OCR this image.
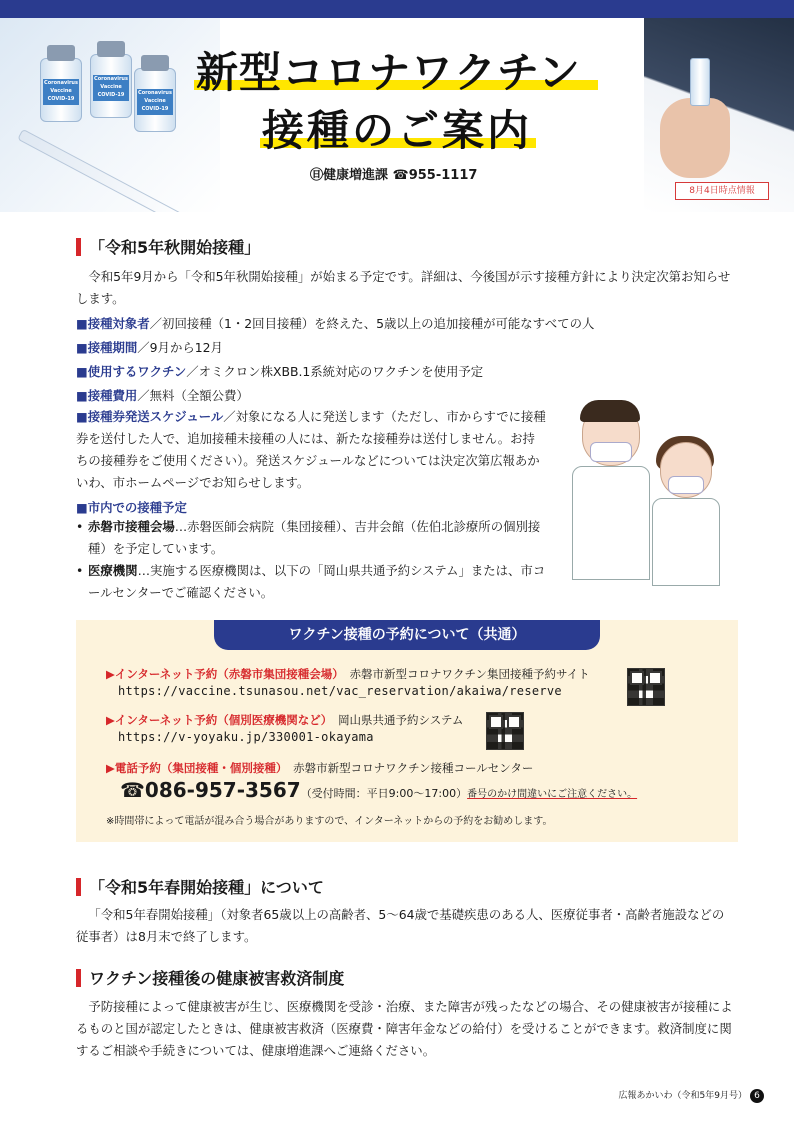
Coronavirus Vaccine COVID-19
Coronavirus Vaccine COVID-19	Coronavirus Vaccine COVID-19
新型コロナワクチン
接種のご案内
㊐健康増進課 ☎955-1117
8月4日時点情報
「令和5年秋開始接種」
令和5年9月から「令和5年秋開始接種」が始まる予定です。詳細は、今後国が示す接種方針により決定次第お知らせします。
■接種対象者／初回接種（1・2回目接種）を終えた、5歳以上の追加接種が可能なすべての人
■接種期間／9月から12月
■使用するワクチン／オミクロン株XBB.1系統対応のワクチンを使用予定
■接種費用／無料（全額公費）
■接種券発送スケジュール／対象になる人に発送します（ただし、市からすでに接種券を送付した人で、追加接種未接種の人には、新たな接種券は送付しません。お持ちの接種券をご使用ください）。発送スケジュールなどについては決定次第広報あかいわ、市ホームページでお知らせします。
■市内での接種予定
• 赤磐市接種会場…赤磐医師会病院（集団接種）、吉井会館（佐伯北診療所の個別接種）を予定しています。
• 医療機関…実施する医療機関は、以下の「岡山県共通予約システム」または、市コールセンターでご確認ください。
ワクチン接種の予約について（共通）
▶インターネット予約（赤磐市集団接種会場）　 赤磐市新型コロナワクチン集団接種予約サイト
https://vaccine.tsunasou.net/vac_reservation/akaiwa/reserve
▶インターネット予約（個別医療機関など）　 岡山県共通予約システム
https://v-yoyaku.jp/330001-okayama
▶電話予約（集団接種・個別接種）　 赤磐市新型コロナワクチン接種コールセンター
☎086-957-3567（受付時間：平日9:00～17:00）番号のかけ間違いにご注意ください。
※時間帯によって電話が混み合う場合がありますので、インターネットからの予約をお勧めします。
「令和5年春開始接種」について
「令和5年春開始接種」（対象者65歳以上の高齢者、5～64歳で基礎疾患のある人、医療従事者・高齢者施設などの従事者）は8月末で終了します。
ワクチン接種後の健康被害救済制度
予防接種によって健康被害が生じ、医療機関を受診・治療、また障害が残ったなどの場合、その健康被害が接種によるものと国が認定したときは、健康被害救済（医療費・障害年金などの給付）を受けることができます。救済制度に関するご相談や手続きについては、健康増進課へご連絡ください。
広報あかいわ（令和5年9月号） 6
